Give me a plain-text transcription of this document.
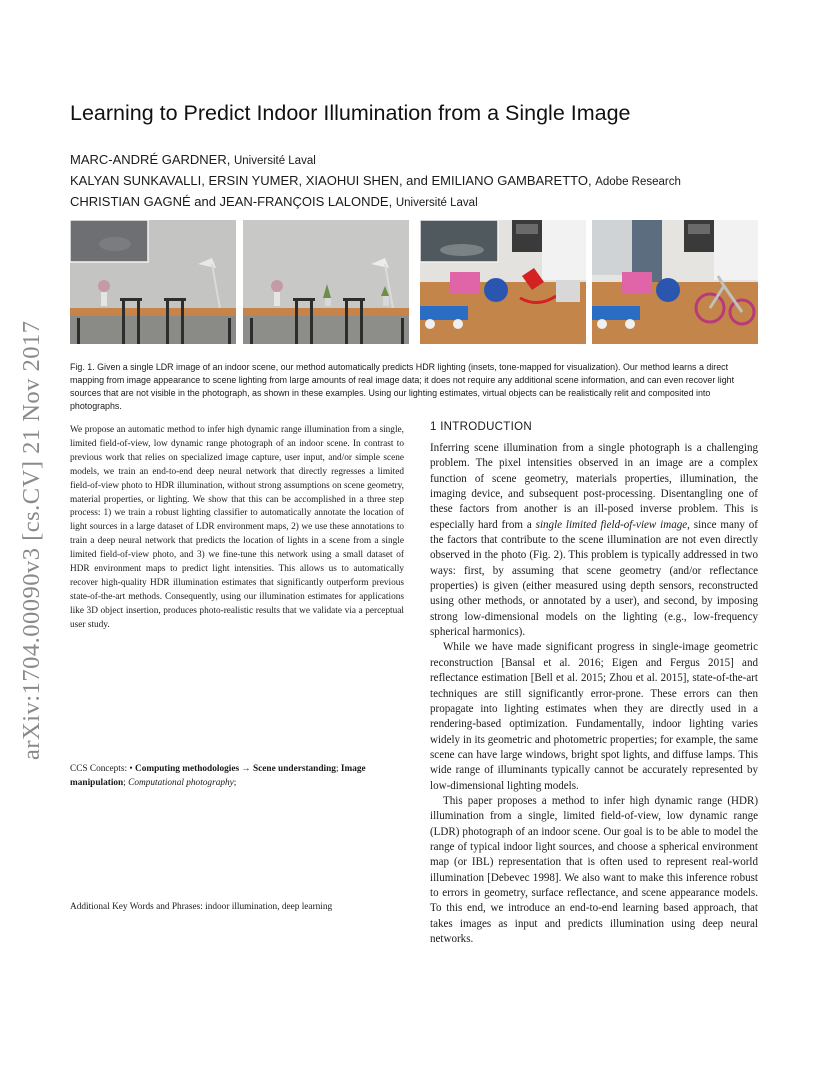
arXiv:1704.00090v3 [cs.CV] 21 Nov 2017
Learning to Predict Indoor Illumination from a Single Image
MARC-ANDRÉ GARDNER, Université Laval
KALYAN SUNKAVALLI, ERSIN YUMER, XIAOHUI SHEN, and EMILIANO GAMBARETTO, Adobe Research
CHRISTIAN GAGNÉ and JEAN-FRANÇOIS LALONDE, Université Laval
Fig. 1. Given a single LDR image of an indoor scene, our method automatically predicts HDR lighting (insets, tone-mapped for visualization). Our method learns a direct mapping from image appearance to scene lighting from large amounts of real image data; it does not require any additional scene information, and can even recover light sources that are not visible in the photograph, as shown in these examples. Using our lighting estimates, virtual objects can be realistically relit and composited into photographs.
We propose an automatic method to infer high dynamic range illumination from a single, limited field-of-view, low dynamic range photograph of an indoor scene. In contrast to previous work that relies on specialized image capture, user input, and/or simple scene models, we train an end-to-end deep neural network that directly regresses a limited field-of-view photo to HDR illumination, without strong assumptions on scene geometry, material properties, or lighting. We show that this can be accomplished in a three step process: 1) we train a robust lighting classifier to automatically annotate the location of light sources in a large dataset of LDR environment maps, 2) we use these annotations to train a deep neural network that predicts the location of lights in a scene from a single limited field-of-view photo, and 3) we fine-tune this network using a small dataset of HDR environment maps to predict light intensities. This allows us to automatically recover high-quality HDR illumination estimates that significantly outperform previous state-of-the-art methods. Consequently, using our illumination estimates for applications like 3D object insertion, produces photo-realistic results that we validate via a perceptual user study.
CCS Concepts: • Computing methodologies → Scene understanding; Image manipulation; Computational photography;
Additional Key Words and Phrases: indoor illumination, deep learning
1 INTRODUCTION

Inferring scene illumination from a single photograph is a challenging problem. The pixel intensities observed in an image are a complex function of scene geometry, materials properties, illumination, the imaging device, and subsequent post-processing. Disentangling one of these factors from another is an ill-posed inverse problem. This is especially hard from a single limited field-of-view image, since many of the factors that contribute to the scene illumination are not even directly observed in the photo (Fig. 2). This problem is typically addressed in two ways: first, by assuming that scene geometry (and/or reflectance properties) is given (either measured using depth sensors, reconstructed using other methods, or annotated by a user), and second, by imposing strong low-dimensional models on the lighting (e.g., low-frequency spherical harmonics).

While we have made significant progress in single-image geometric reconstruction [Bansal et al. 2016; Eigen and Fergus 2015] and reflectance estimation [Bell et al. 2015; Zhou et al. 2015], state-of-the-art techniques are still significantly error-prone. These errors can then propagate into lighting estimates when they are directly used in a rendering-based optimization. Fundamentally, indoor lighting varies widely in its geometric and photometric properties; for example, the same scene can have large windows, bright spot lights, and diffuse lamps. This wide range of illuminants typically cannot be accurately represented by low-dimensional lighting models.

This paper proposes a method to infer high dynamic range (HDR) illumination from a single, limited field-of-view, low dynamic range (LDR) photograph of an indoor scene. Our goal is to be able to model the range of typical indoor light sources, and choose a spherical environment map (or IBL) representation that is often used to represent real-world illumination [Debevec 1998]. We also want to make this inference robust to errors in geometry, surface reflectance, and scene appearance models. To this end, we introduce an end-to-end learning based approach, that takes images as input and predicts illumination using deep neural networks.
